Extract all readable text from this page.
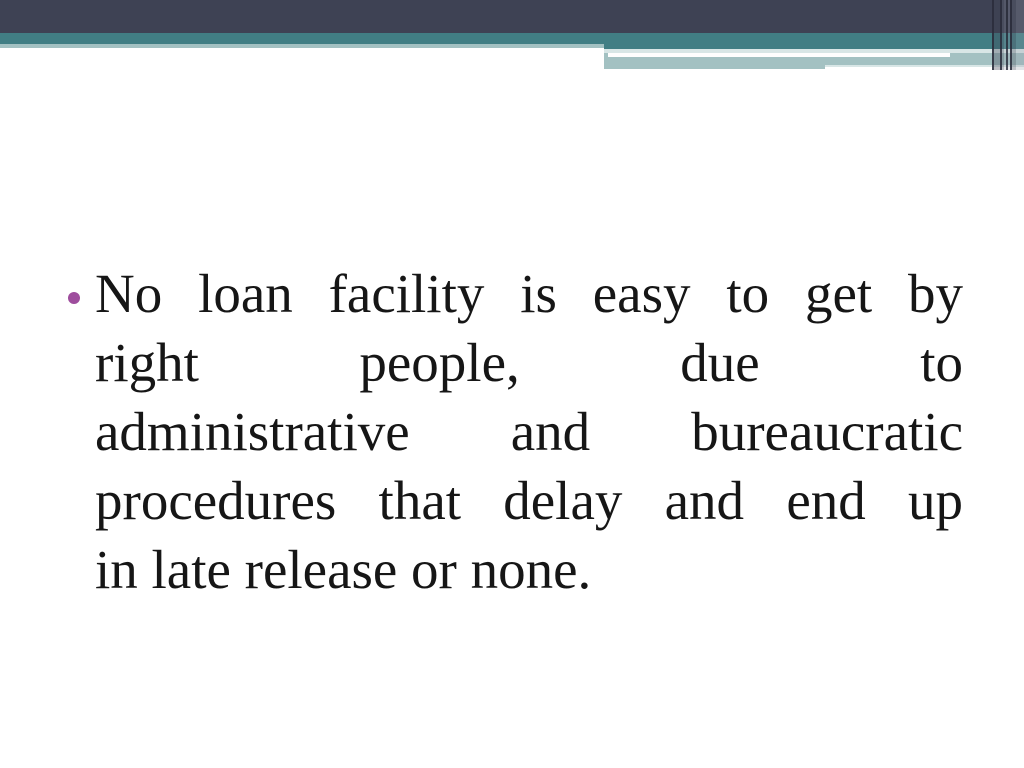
No loan facility is easy to get by
right people, due to
administrative and bureaucratic
procedures that delay and end up
in late release or none.
